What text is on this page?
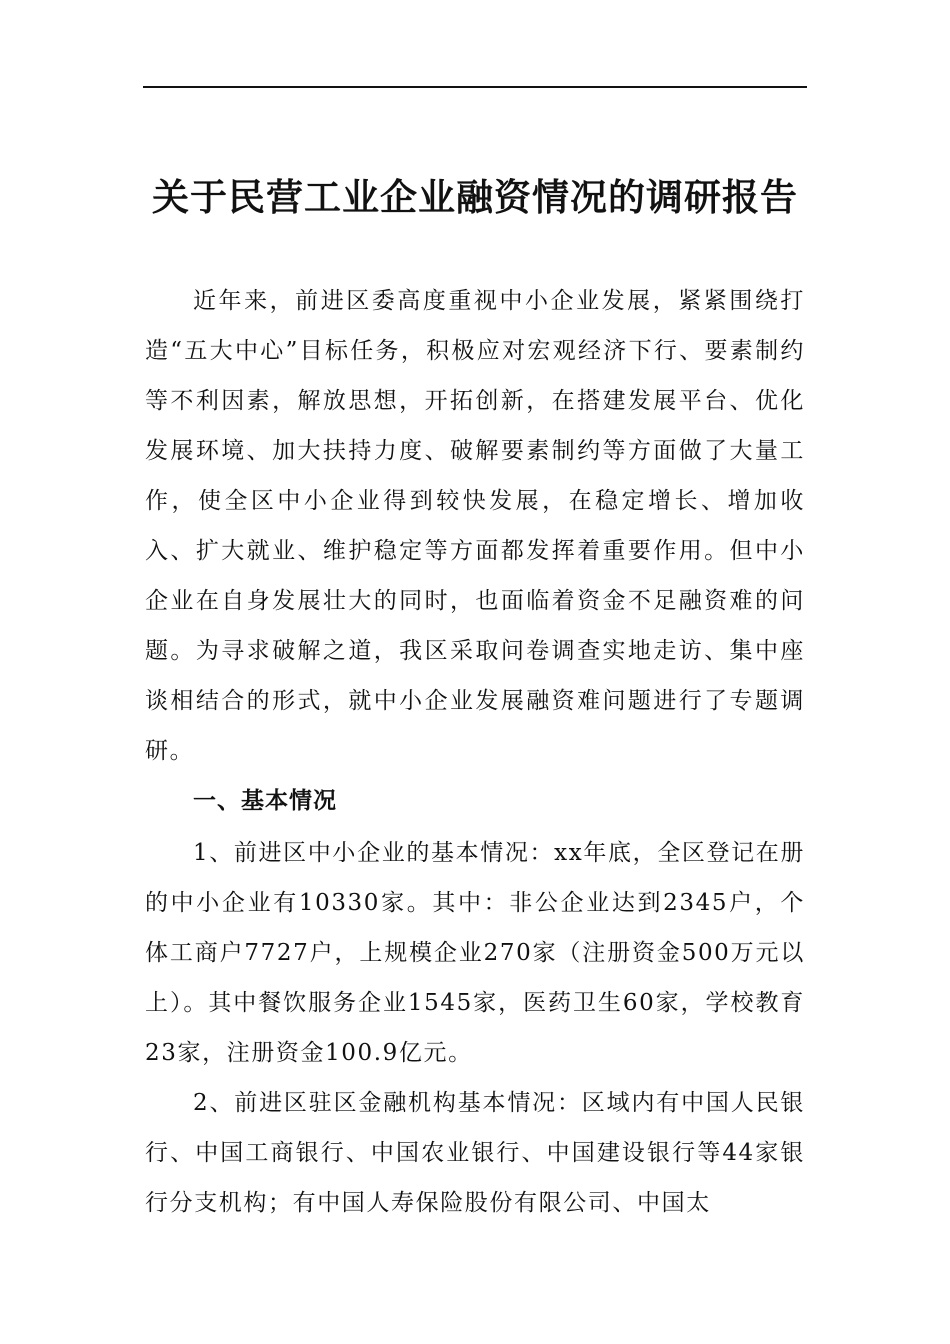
关于民营工业企业融资情况的调研报告

近年来，前进区委高度重视中小企业发展，紧紧围绕打造“五大中心”目标任务，积极应对宏观经济下行、要素制约等不利因素，解放思想，开拓创新，在搭建发展平台、优化发展环境、加大扶持力度、破解要素制约等方面做了大量工作，使全区中小企业得到较快发展，在稳定增长、增加收入、扩大就业、维护稳定等方面都发挥着重要作用。但中小企业在自身发展壮大的同时，也面临着资金不足融资难的问题。为寻求破解之道，我区采取问卷调查实地走访、集中座谈相结合的形式，就中小企业发展融资难问题进行了专题调研。

一、基本情况

1、前进区中小企业的基本情况：xx年底，全区登记在册的中小企业有10330家。其中：非公企业达到2345户，个体工商户7727户，上规模企业270家（注册资金500万元以上）。其中餐饮服务企业1545家，医药卫生60家，学校教育23家，注册资金100.9亿元。

2、前进区驻区金融机构基本情况：区域内有中国人民银行、中国工商银行、中国农业银行、中国建设银行等44家银行分支机构；有中国人寿保险股份有限公司、中国太
